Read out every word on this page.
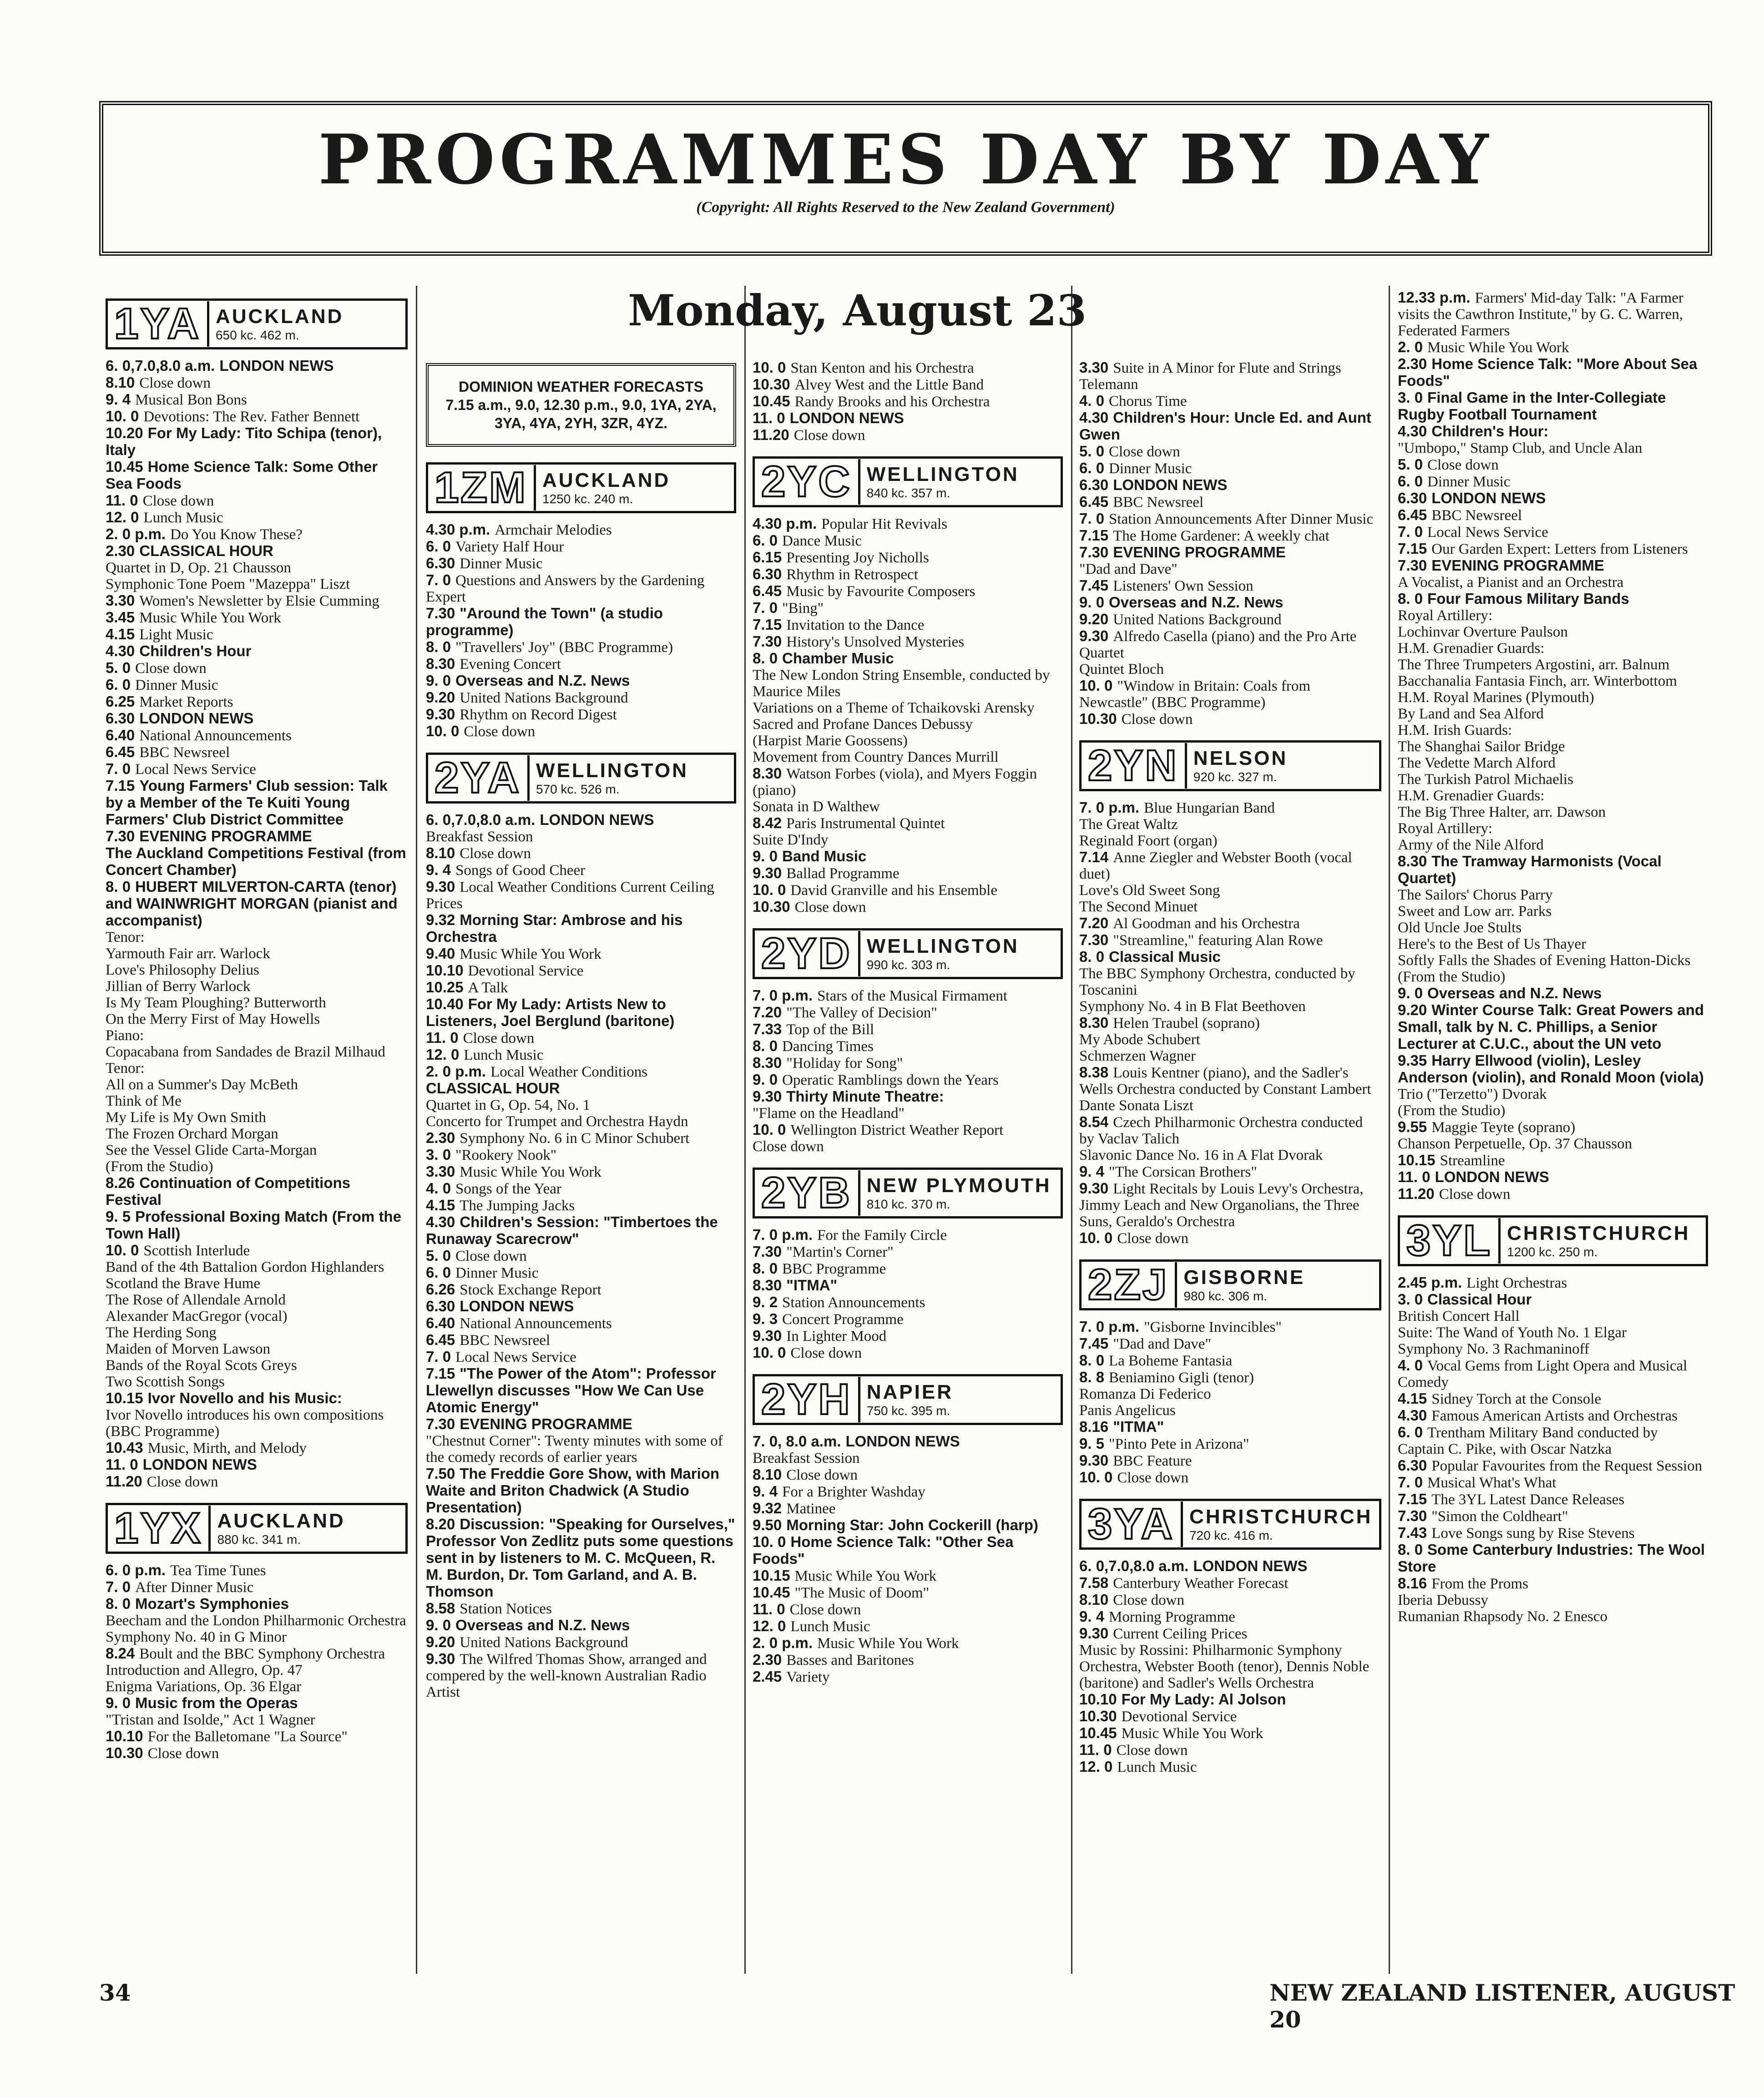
PROGRAMMES DAY BY DAY
(Copyright: All Rights Reserved to the New Zealand Government)
Monday, August 23
1YA AUCKLAND
650 kc. 462 m.

6. 0,7.0,8.0 a.m. LONDON NEWS

8.10 Close down

9. 4 Musical Bon Bons

10. 0 Devotions: The Rev. Father Bennett

10.20 For My Lady: Tito Schipa (tenor), Italy

10.45 Home Science Talk: Some Other Sea Foods

11. 0 Close down

12. 0 Lunch Music

2. 0 p.m. Do You Know These?

2.30 CLASSICAL HOUR

Quartet in D, Op. 21 Chausson

Symphonic Tone Poem "Mazeppa" Liszt

3.30 Women's Newsletter by Elsie Cumming

3.45 Music While You Work

4.15 Light Music

4.30 Children's Hour

5. 0 Close down

6. 0 Dinner Music

6.25 Market Reports

6.30 LONDON NEWS

6.40 National Announcements

6.45 BBC Newsreel

7. 0 Local News Service

7.15 Young Farmers' Club session: Talk by a Member of the Te Kuiti Young Farmers' Club District Committee

7.30 EVENING PROGRAMME

The Auckland Competitions Festival (from Concert Chamber)

8. 0 HUBERT MILVERTON-CARTA (tenor) and WAINWRIGHT MORGAN (pianist and accompanist)

Tenor:

Yarmouth Fair arr. Warlock

Love's Philosophy Delius

Jillian of Berry Warlock

Is My Team Ploughing? Butterworth

On the Merry First of May Howells

Piano:

Copacabana from Sandades de Brazil Milhaud

Tenor:

All on a Summer's Day McBeth

Think of Me

My Life is My Own Smith

The Frozen Orchard Morgan

See the Vessel Glide Carta-Morgan

(From the Studio)

8.26 Continuation of Competitions Festival

9. 5 Professional Boxing Match (From the Town Hall)

10. 0 Scottish Interlude

Band of the 4th Battalion Gordon Highlanders

Scotland the Brave Hume

The Rose of Allendale Arnold

Alexander MacGregor (vocal)

The Herding Song

Maiden of Morven Lawson

Bands of the Royal Scots Greys

Two Scottish Songs

10.15 Ivor Novello and his Music:

Ivor Novello introduces his own compositions (BBC Programme)

10.43 Music, Mirth, and Melody

11. 0 LONDON NEWS

11.20 Close down

1YX AUCKLAND
880 kc. 341 m.

6. 0 p.m. Tea Time Tunes

7. 0 After Dinner Music

8. 0 Mozart's Symphonies

Beecham and the London Philharmonic Orchestra

Symphony No. 40 in G Minor

8.24 Boult and the BBC Symphony Orchestra

Introduction and Allegro, Op. 47

Enigma Variations, Op. 36 Elgar

9. 0 Music from the Operas

"Tristan and Isolde," Act 1 Wagner

10.10 For the Balletomane "La Source"

10.30 Close down

DOMINION WEATHER FORECASTS
7.15 a.m., 9.0, 12.30 p.m., 9.0, 1YA, 2YA, 3YA, 4YA, 2YH, 3ZR, 4YZ.
1ZM AUCKLAND
1250 kc. 240 m.

4.30 p.m. Armchair Melodies

6. 0 Variety Half Hour

6.30 Dinner Music

7. 0 Questions and Answers by the Gardening Expert

7.30 "Around the Town" (a studio programme)

8. 0 "Travellers' Joy" (BBC Programme)

8.30 Evening Concert

9. 0 Overseas and N.Z. News

9.20 United Nations Background

9.30 Rhythm on Record Digest

10. 0 Close down

2YA WELLINGTON
570 kc. 526 m.

6. 0,7.0,8.0 a.m. LONDON NEWS

Breakfast Session

8.10 Close down

9. 4 Songs of Good Cheer

9.30 Local Weather Conditions Current Ceiling Prices

9.32 Morning Star: Ambrose and his Orchestra

9.40 Music While You Work

10.10 Devotional Service

10.25 A Talk

10.40 For My Lady: Artists New to Listeners, Joel Berglund (baritone)

11. 0 Close down

12. 0 Lunch Music

2. 0 p.m. Local Weather Conditions

CLASSICAL HOUR

Quartet in G, Op. 54, No. 1

Concerto for Trumpet and Orchestra Haydn

2.30 Symphony No. 6 in C Minor Schubert

3. 0 "Rookery Nook"

3.30 Music While You Work

4. 0 Songs of the Year

4.15 The Jumping Jacks

4.30 Children's Session: "Timbertoes the Runaway Scarecrow"

5. 0 Close down

6. 0 Dinner Music

6.26 Stock Exchange Report

6.30 LONDON NEWS

6.40 National Announcements

6.45 BBC Newsreel

7. 0 Local News Service

7.15 "The Power of the Atom": Professor Llewellyn discusses "How We Can Use Atomic Energy"

7.30 EVENING PROGRAMME

"Chestnut Corner": Twenty minutes with some of the comedy records of earlier years

7.50 The Freddie Gore Show, with Marion Waite and Briton Chadwick (A Studio Presentation)

8.20 Discussion: "Speaking for Ourselves," Professor Von Zedlitz puts some questions sent in by listeners to M. C. McQueen, R. M. Burdon, Dr. Tom Garland, and A. B. Thomson

8.58 Station Notices

9. 0 Overseas and N.Z. News

9.20 United Nations Background

9.30 The Wilfred Thomas Show, arranged and compered by the well-known Australian Radio Artist

10. 0 Stan Kenton and his Orchestra

10.30 Alvey West and the Little Band

10.45 Randy Brooks and his Orchestra

11. 0 LONDON NEWS

11.20 Close down

2YC WELLINGTON
840 kc. 357 m.

4.30 p.m. Popular Hit Revivals

6. 0 Dance Music

6.15 Presenting Joy Nicholls

6.30 Rhythm in Retrospect

6.45 Music by Favourite Composers

7. 0 "Bing"

7.15 Invitation to the Dance

7.30 History's Unsolved Mysteries

8. 0 Chamber Music

The New London String Ensemble, conducted by Maurice Miles

Variations on a Theme of Tchaikovski Arensky

Sacred and Profane Dances Debussy

(Harpist Marie Goossens)

Movement from Country Dances Murrill

8.30 Watson Forbes (viola), and Myers Foggin (piano)

Sonata in D Walthew

8.42 Paris Instrumental Quintet

Suite D'Indy

9. 0 Band Music

9.30 Ballad Programme

10. 0 David Granville and his Ensemble

10.30 Close down

2YD WELLINGTON
990 kc. 303 m.

7. 0 p.m. Stars of the Musical Firmament

7.20 "The Valley of Decision"

7.33 Top of the Bill

8. 0 Dancing Times

8.30 "Holiday for Song"

9. 0 Operatic Ramblings down the Years

9.30 Thirty Minute Theatre:

"Flame on the Headland"

10. 0 Wellington District Weather Report

Close down

2YB NEW PLYMOUTH
810 kc. 370 m.

7. 0 p.m. For the Family Circle

7.30 "Martin's Corner"

8. 0 BBC Programme

8.30 "ITMA"

9. 2 Station Announcements

9. 3 Concert Programme

9.30 In Lighter Mood

10. 0 Close down

2YH NAPIER
750 kc. 395 m.

7. 0, 8.0 a.m. LONDON NEWS

Breakfast Session

8.10 Close down

9. 4 For a Brighter Washday

9.32 Matinee

9.50 Morning Star: John Cockerill (harp)

10. 0 Home Science Talk: "Other Sea Foods"

10.15 Music While You Work

10.45 "The Music of Doom"

11. 0 Close down

12. 0 Lunch Music

2. 0 p.m. Music While You Work

2.30 Basses and Baritones

2.45 Variety

3.30 Suite in A Minor for Flute and Strings Telemann

4. 0 Chorus Time

4.30 Children's Hour: Uncle Ed. and Aunt Gwen

5. 0 Close down

6. 0 Dinner Music

6.30 LONDON NEWS

6.45 BBC Newsreel

7. 0 Station Announcements After Dinner Music

7.15 The Home Gardener: A weekly chat

7.30 EVENING PROGRAMME

"Dad and Dave"

7.45 Listeners' Own Session

9. 0 Overseas and N.Z. News

9.20 United Nations Background

9.30 Alfredo Casella (piano) and the Pro Arte Quartet

Quintet Bloch

10. 0 "Window in Britain: Coals from Newcastle" (BBC Programme)

10.30 Close down

2YN NELSON
920 kc. 327 m.

7. 0 p.m. Blue Hungarian Band

The Great Waltz

Reginald Foort (organ)

7.14 Anne Ziegler and Webster Booth (vocal duet)

Love's Old Sweet Song

The Second Minuet

7.20 Al Goodman and his Orchestra

7.30 "Streamline," featuring Alan Rowe

8. 0 Classical Music

The BBC Symphony Orchestra, conducted by Toscanini

Symphony No. 4 in B Flat Beethoven

8.30 Helen Traubel (soprano)

My Abode Schubert

Schmerzen Wagner

8.38 Louis Kentner (piano), and the Sadler's Wells Orchestra conducted by Constant Lambert

Dante Sonata Liszt

8.54 Czech Philharmonic Orchestra conducted by Vaclav Talich

Slavonic Dance No. 16 in A Flat Dvorak

9. 4 "The Corsican Brothers"

9.30 Light Recitals by Louis Levy's Orchestra, Jimmy Leach and New Organolians, the Three Suns, Geraldo's Orchestra

10. 0 Close down

2ZJ GISBORNE
980 kc. 306 m.

7. 0 p.m. "Gisborne Invincibles"

7.45 "Dad and Dave"

8. 0 La Boheme Fantasia

8. 8 Beniamino Gigli (tenor)

Romanza Di Federico

Panis Angelicus

8.16 "ITMA"

9. 5 "Pinto Pete in Arizona"

9.30 BBC Feature

10. 0 Close down

3YA CHRISTCHURCH
720 kc. 416 m.

6. 0,7.0,8.0 a.m. LONDON NEWS

7.58 Canterbury Weather Forecast

8.10 Close down

9. 4 Morning Programme

9.30 Current Ceiling Prices

Music by Rossini: Philharmonic Symphony Orchestra, Webster Booth (tenor), Dennis Noble (baritone) and Sadler's Wells Orchestra

10.10 For My Lady: Al Jolson

10.30 Devotional Service

10.45 Music While You Work

11. 0 Close down

12. 0 Lunch Music

12.33 p.m. Farmers' Mid-day Talk: "A Farmer visits the Cawthron Institute," by G. C. Warren, Federated Farmers

2. 0 Music While You Work

2.30 Home Science Talk: "More About Sea Foods"

3. 0 Final Game in the Inter-Collegiate Rugby Football Tournament

4.30 Children's Hour:

"Umbopo," Stamp Club, and Uncle Alan

5. 0 Close down

6. 0 Dinner Music

6.30 LONDON NEWS

6.45 BBC Newsreel

7. 0 Local News Service

7.15 Our Garden Expert: Letters from Listeners

7.30 EVENING PROGRAMME

A Vocalist, a Pianist and an Orchestra

8. 0 Four Famous Military Bands

Royal Artillery:

Lochinvar Overture Paulson

H.M. Grenadier Guards:

The Three Trumpeters Argostini, arr. Balnum

Bacchanalia Fantasia Finch, arr. Winterbottom

H.M. Royal Marines (Plymouth)

By Land and Sea Alford

H.M. Irish Guards:

The Shanghai Sailor Bridge

The Vedette March Alford

The Turkish Patrol Michaelis

H.M. Grenadier Guards:

The Big Three Halter, arr. Dawson

Royal Artillery:

Army of the Nile Alford

8.30 The Tramway Harmonists (Vocal Quartet)

The Sailors' Chorus Parry

Sweet and Low arr. Parks

Old Uncle Joe Stults

Here's to the Best of Us Thayer

Softly Falls the Shades of Evening Hatton-Dicks

(From the Studio)

9. 0 Overseas and N.Z. News

9.20 Winter Course Talk: Great Powers and Small, talk by N. C. Phillips, a Senior Lecturer at C.U.C., about the UN veto

9.35 Harry Ellwood (violin), Lesley Anderson (violin), and Ronald Moon (viola)

Trio ("Terzetto") Dvorak

(From the Studio)

9.55 Maggie Teyte (soprano)

Chanson Perpetuelle, Op. 37 Chausson

10.15 Streamline

11. 0 LONDON NEWS

11.20 Close down

3YL CHRISTCHURCH
1200 kc. 250 m.

2.45 p.m. Light Orchestras

3. 0 Classical Hour

British Concert Hall

Suite: The Wand of Youth No. 1 Elgar

Symphony No. 3 Rachmaninoff

4. 0 Vocal Gems from Light Opera and Musical Comedy

4.15 Sidney Torch at the Console

4.30 Famous American Artists and Orchestras

6. 0 Trentham Military Band conducted by Captain C. Pike, with Oscar Natzka

6.30 Popular Favourites from the Request Session

7. 0 Musical What's What

7.15 The 3YL Latest Dance Releases

7.30 "Simon the Coldheart"

7.43 Love Songs sung by Rise Stevens

8. 0 Some Canterbury Industries: The Wool Store

8.16 From the Proms

Iberia Debussy

Rumanian Rhapsody No. 2 Enesco

34	NEW ZEALAND LISTENER, AUGUST 20
